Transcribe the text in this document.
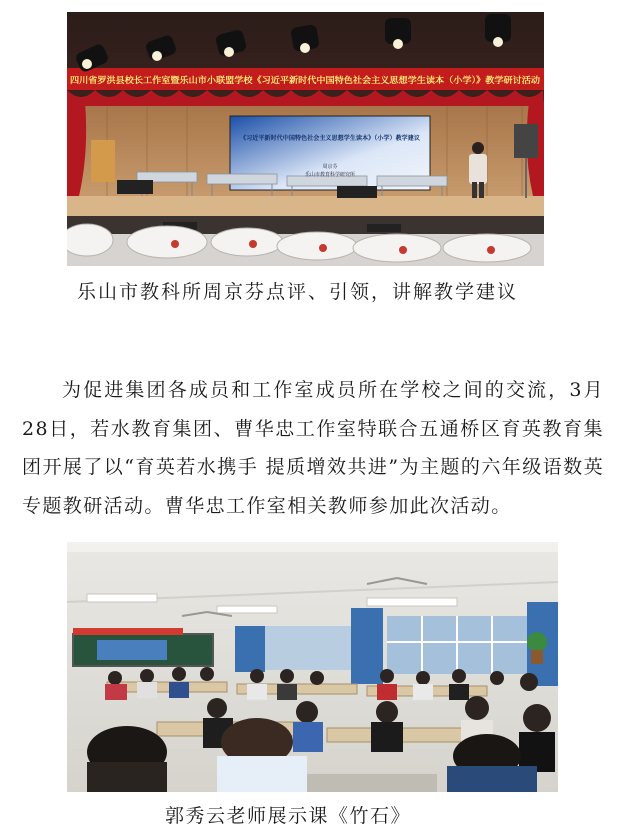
四川省罗洪县校长工作室暨乐山市小联盟学校《习近平新时代中国特色社会主义思想学生读本（小学）》教学研讨活动
《习近平新时代中国特色社会主义思想学生读本》（小学）教学建议
周京芬
乐山市教育科学研究所
乐山市教科所周京芬点评、引领，讲解教学建议

为促进集团各成员和工作室成员所在学校之间的交流，3月28日，若水教育集团、曹华忠工作室特联合五通桥区育英教育集团开展了以“育英若水携手 提质增效共进”为主题的六年级语数英专题教研活动。曹华忠工作室相关教师参加此次活动。

郭秀云老师展示课《竹石》
